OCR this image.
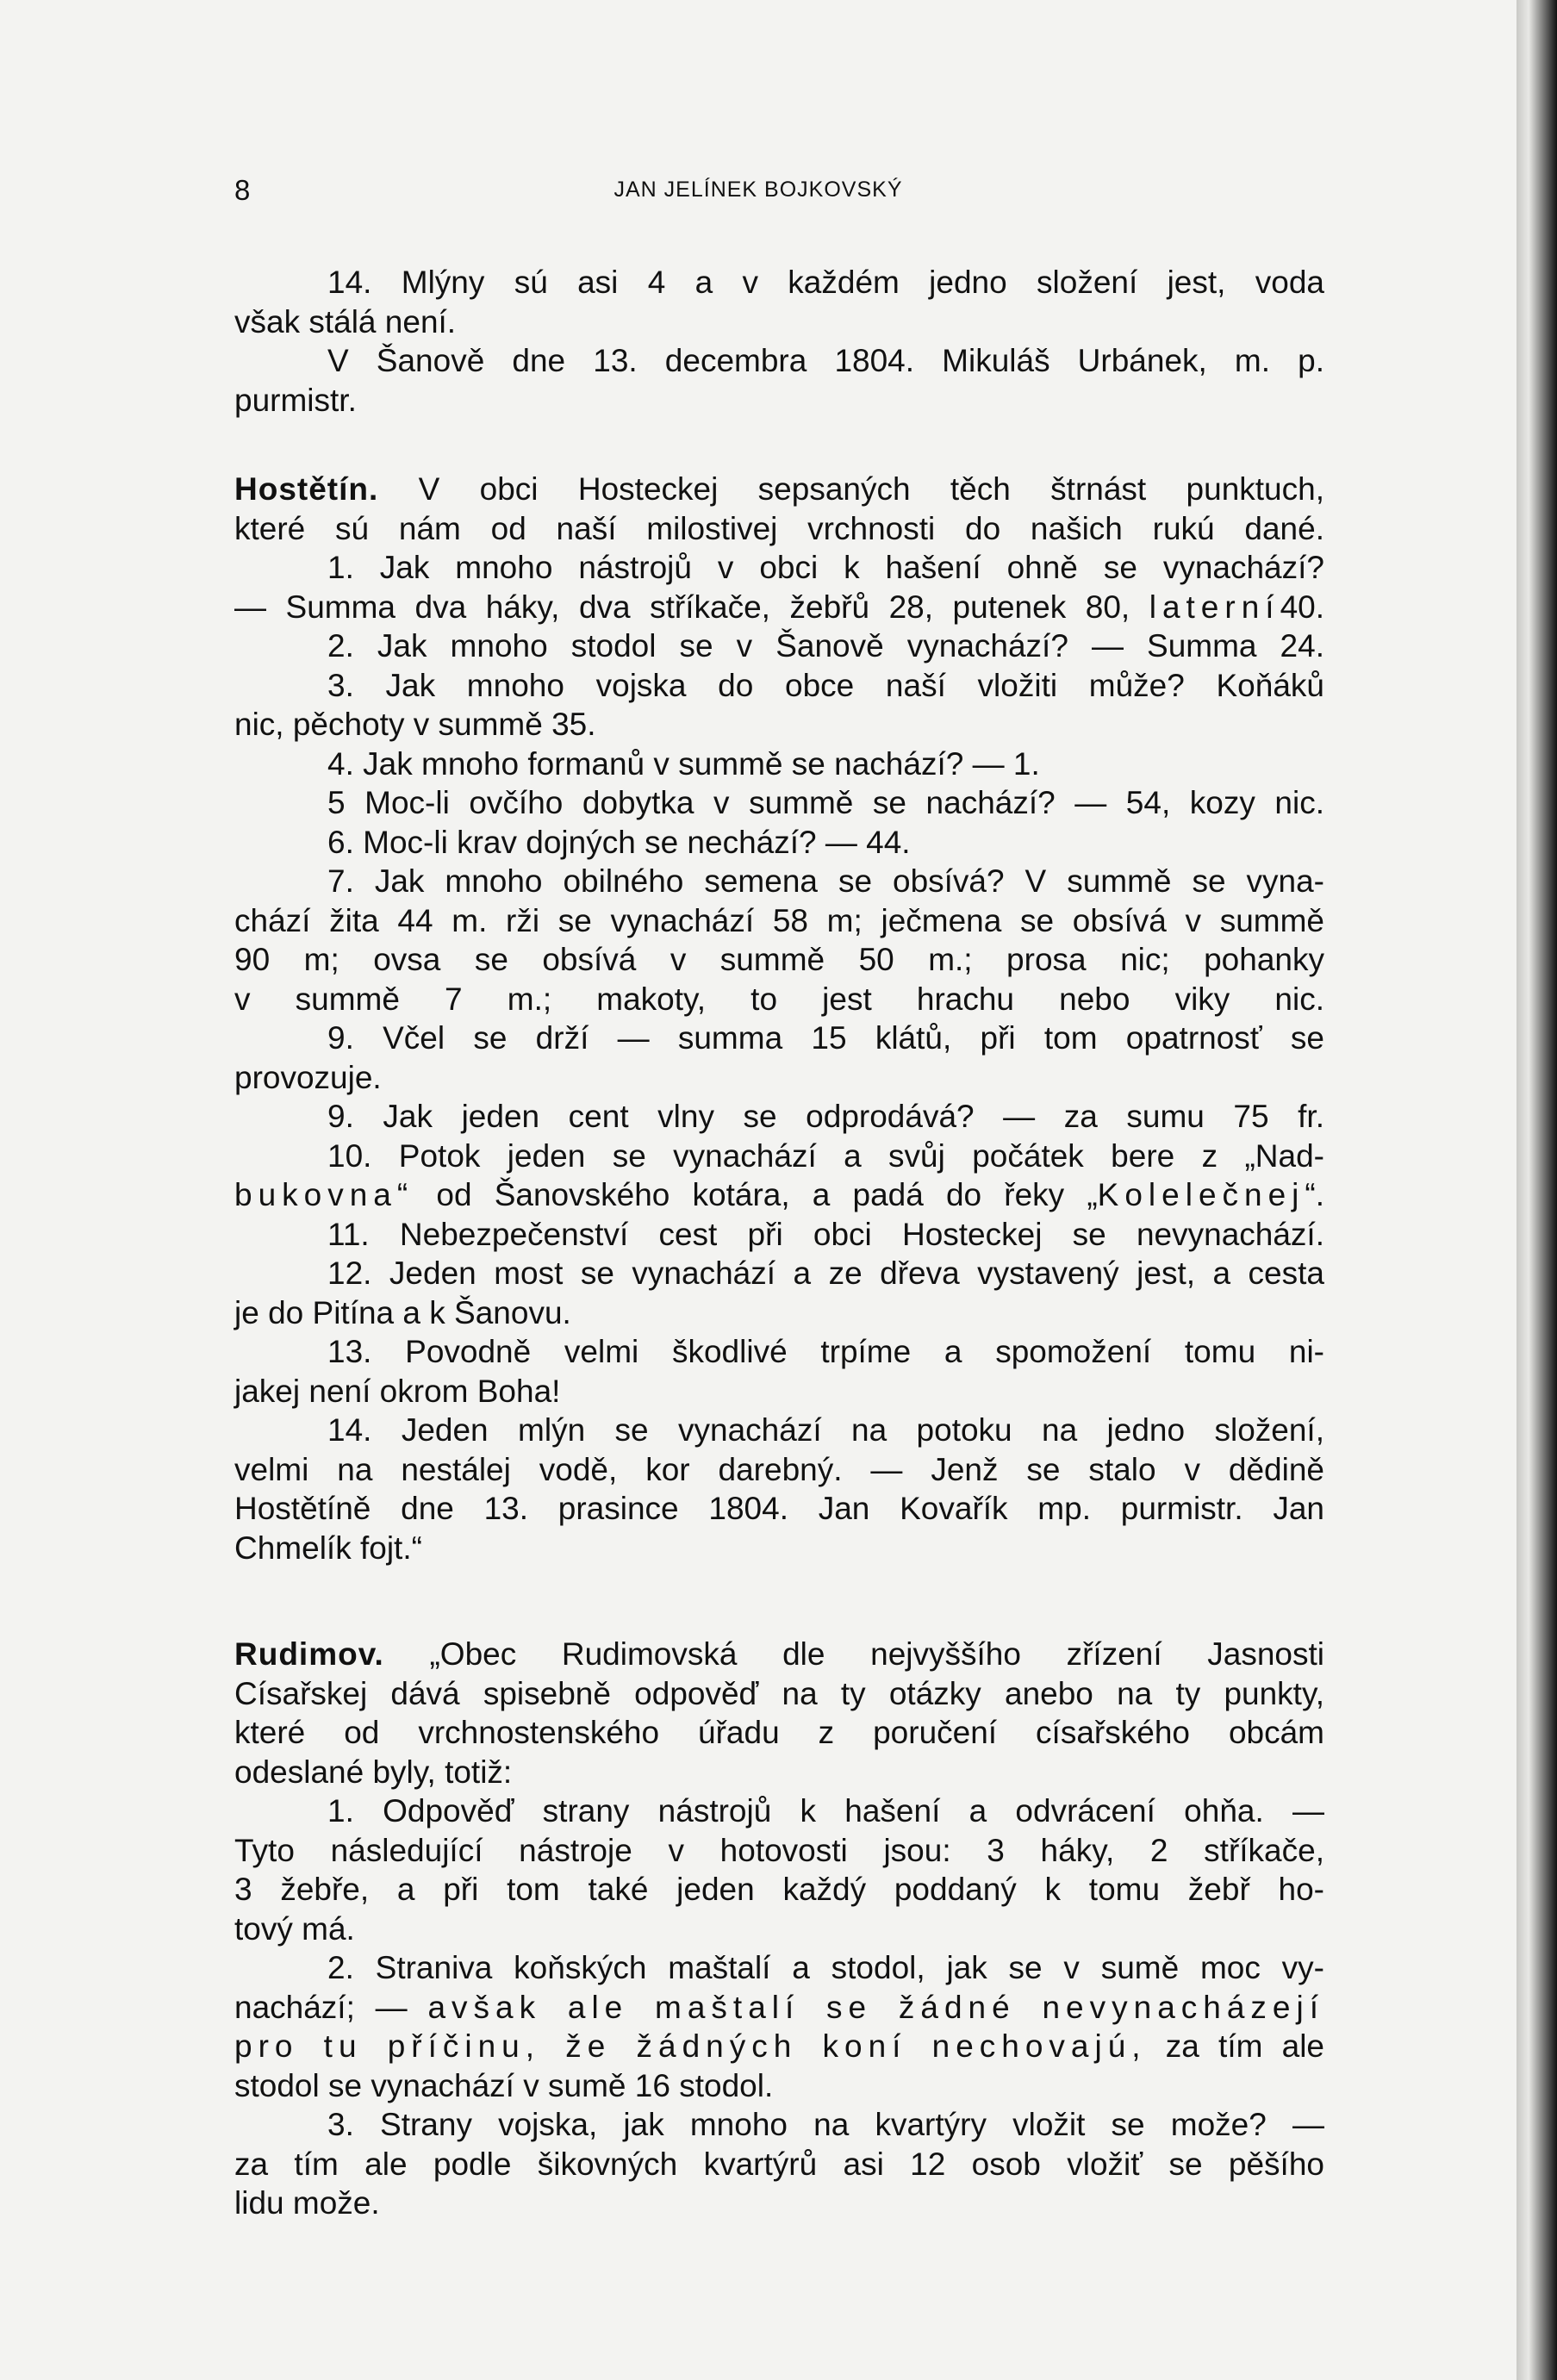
8	JAN JELÍNEK BOJKOVSKÝ
14. Mlýny sú asi 4 a v každém jedno složení jest, voda
však stálá není.
V Šanově dne 13. decembra 1804. Mikuláš Urbánek, m. p.
purmistr.
Hostětín. V obci Hosteckej sepsaných těch štrnást punktuch,
které sú nám od naší milostivej vrchnosti do našich rukú dané.
1. Jak mnoho nástrojů v obci k hašení ohně se vynachází?
— Summa dva háky, dva stříkače, žebřů 28, putenek 80, laterní40.
2. Jak mnoho stodol se v Šanově vynachází? — Summa 24.
3. Jak mnoho vojska do obce naší vložiti může? Koňáků
nic, pěchoty v summě 35.
4. Jak mnoho formanů v summě se nachází? — 1.
5 Moc-li ovčího dobytka v summě se nachází? — 54, kozy nic.
6. Moc-li krav dojných se nechází? — 44.
7. Jak mnoho obilného semena se obsívá? V summě se vyna-
chází žita 44 m. rži se vynachází 58 m; ječmena se obsívá v summě
90 m; ovsa se obsívá v summě 50 m.; prosa nic; pohanky
v summě 7 m.; makoty, to jest hrachu nebo viky nic.
9. Včel se drží — summa 15 klátů, při tom opatrnosť se
provozuje.
9. Jak jeden cent vlny se odprodává? — za sumu 75 fr.
10. Potok jeden se vynachází a svůj počátek bere z „Nad-
bukovna“ od Šanovského kotára, a padá do řeky „Kolelečnej“.
11. Nebezpečenství cest při obci Hosteckej se nevynachází.
12. Jeden most se vynachází a ze dřeva vystavený jest, a cesta
je do Pitína a k Šanovu.
13. Povodně velmi škodlivé trpíme a spomožení tomu ni-
jakej není okrom Boha!
14. Jeden mlýn se vynachází na potoku na jedno složení,
velmi na nestálej vodě, kor darebný. — Jenž se stalo v dědině
Hostětíně dne 13. prasince 1804. Jan Kovařík mp. purmistr. Jan
Chmelík fojt.“
Rudimov. „Obec Rudimovská dle nejvyššího zřízení Jasnosti
Císařskej dává spisebně odpověď na ty otázky anebo na ty punkty,
které od vrchnostenského úřadu z poručení císařského obcám
odeslané byly, totiž:
1. Odpověď strany nástrojů k hašení a odvrácení ohňa. —
Tyto následující nástroje v hotovosti jsou: 3 háky, 2 stříkače,
3 žebře, a při tom také jeden každý poddaný k tomu žebř ho-
tový má.
2. Straniva koňských maštalí a stodol, jak se v sumě moc vy-
nachází; — avšak ale maštalí se žádné nevynacházejí
pro tu příčinu, že žádných koní nechovajú, za tím ale
stodol se vynachází v sumě 16 stodol.
3. Strany vojska, jak mnoho na kvartýry vložit se može? —
za tím ale podle šikovných kvartýrů asi 12 osob vložiť se pěšího
lidu može.
